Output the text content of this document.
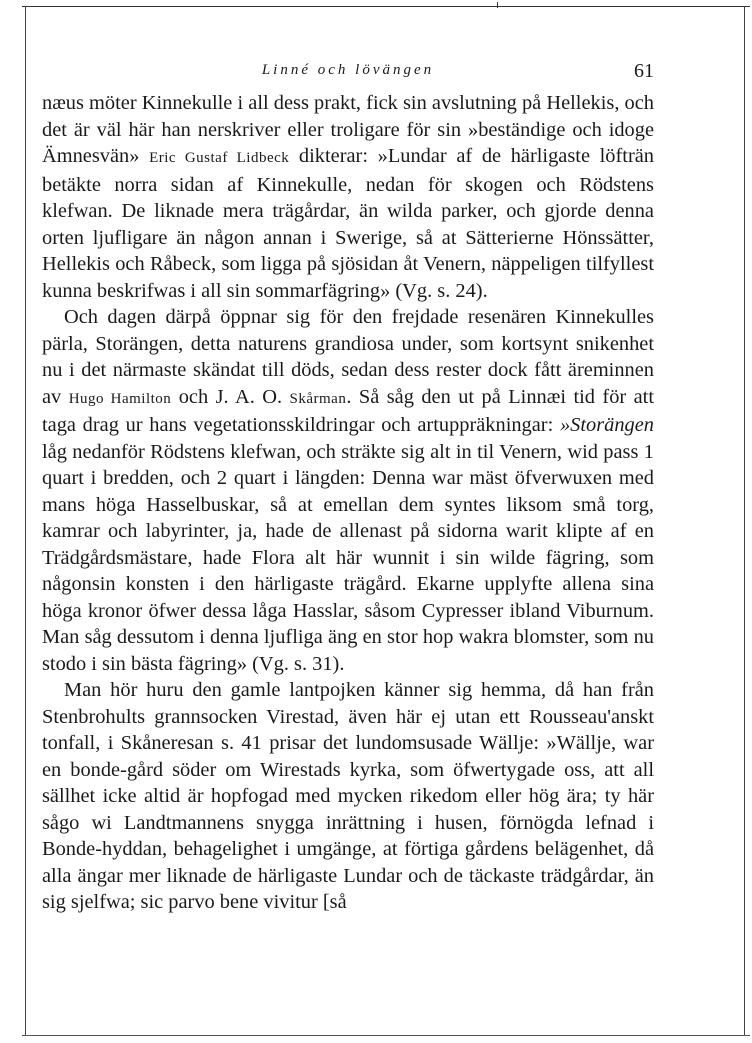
Linné och lövängen	61

næus möter Kinnekulle i all dess prakt, fick sin avslutning på Hellekis, och det är väl här han nerskriver eller troligare för sin »beständige och idoge Ämnesvän» Eric Gustaf Lidbeck dikterar: »Lundar af de härligaste löfträn betäkte norra sidan af Kinnekulle, nedan för skogen och Rödstens klefwan. De liknade mera trägårdar, än wilda parker, och gjorde denna orten ljufligare än någon annan i Swerige, så at Sätterierne Hönssätter, Hellekis och Råbeck, som ligga på sjösidan åt Venern, näppeligen tilfyllest kunna beskrifwas i all sin sommarfägring» (Vg. s. 24).

Och dagen därpå öppnar sig för den frejdade resenären Kinnekulles pärla, Storängen, detta naturens grandiosa under, som kortsynt snikenhet nu i det närmaste skändat till döds, sedan dess rester dock fått äreminnen av Hugo Hamilton och J. A. O. Skårman. Så såg den ut på Linnæi tid för att taga drag ur hans vegetationsskildringar och artuppräkningar: »Storängen låg nedanför Rödstens klefwan, och sträkte sig alt in til Venern, wid pass 1 quart i bredden, och 2 quart i längden: Denna war mäst öfverwuxen med mans höga Hasselbuskar, så at emellan dem syntes liksom små torg, kamrar och labyrinter, ja, hade de allenast på sidorna warit klipte af en Trädgårdsmästare, hade Flora alt här wunnit i sin wilde fägring, som någonsin konsten i den härligaste trägård. Ekarne upplyfte allena sina höga kronor öfwer dessa låga Hasslar, såsom Cypresser ibland Viburnum. Man såg dessutom i denna ljufliga äng en stor hop wakra blomster, som nu stodo i sin bästa fägring» (Vg. s. 31).

Man hör huru den gamle lantpojken känner sig hemma, då han från Stenbrohults grannsocken Virestad, även här ej utan ett Rousseau'anskt tonfall, i Skåneresan s. 41 prisar det lundomsusade Wällje: »Wällje, war en bonde-gård söder om Wirestads kyrka, som öfwertygade oss, att all sällhet icke altid är hopfogad med mycken rikedom eller hög ära; ty här sågo wi Landtmannens snygga inrättning i husen, förnögda lefnad i Bonde-hyddan, behagelighet i umgänge, at förtiga gårdens belägenhet, då alla ängar mer liknade de härligaste Lundar och de täckaste trädgårdar, än sig sjelfwa; sic parvo bene vivitur [så
